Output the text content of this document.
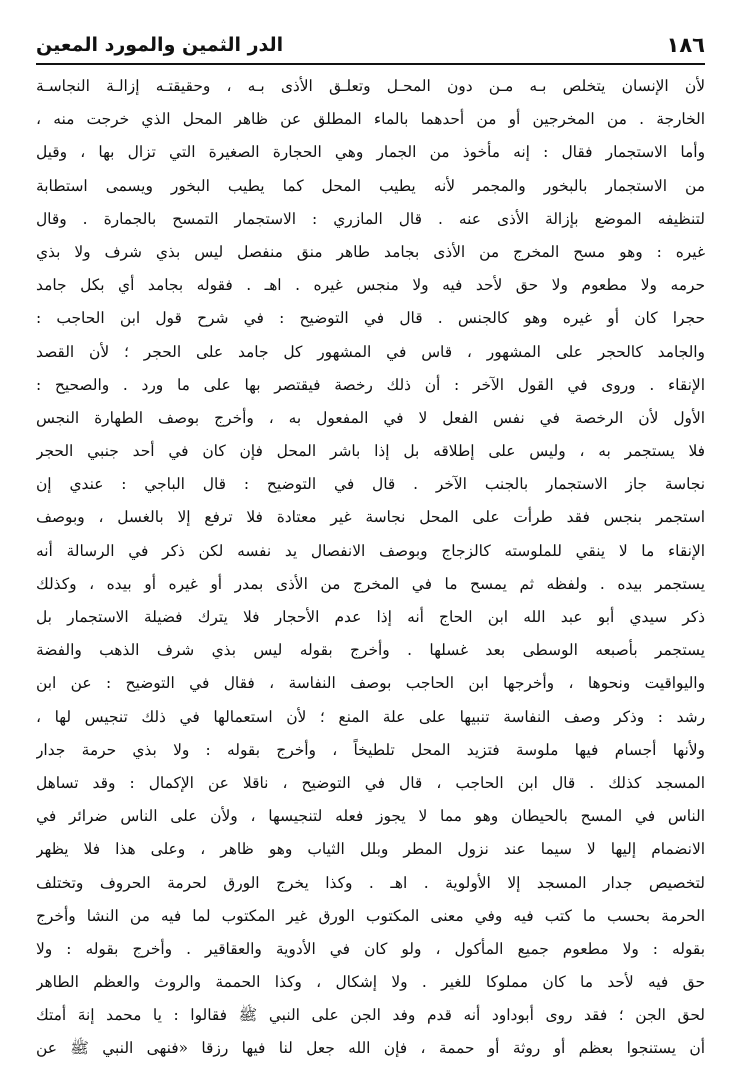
١٨٦
الدر الثمين والمورد المعين
لأن الإنسان يتخلص بـه مـن دون المحـل وتعلـق الأذى بـه ، وحقيقتـه إزالـة النجاسـة
الخارجة . من المخرجين أو من أحدهما بالماء المطلق عن ظاهر المحل الذي خرجت منه ،
وأما الاستجمار فقال : إنه مأخوذ من الجمار وهي الحجارة الصغيرة التي تزال بها ، وقيل
من الاستجمار بالبخور والمجمر لأنه يطيب المحل كما يطيب البخور ويسمى استطابة
لتنظيفه الموضع بإزالة الأذى عنه . قال المازري : الاستجمار التمسح بالجمارة . وقال
غيره : وهو مسح المخرج من الأذى بجامد طاهر منق منفصل ليس بذي شرف ولا بذي
حرمه ولا مطعوم ولا حق لأحد فيه ولا منجس غيره . اهـ . فقوله بجامد أي بكل جامد
حجرا كان أو غيره وهو كالجنس . قال في التوضيح : في شرح قول ابن الحاجب :
والجامد كالحجر على المشهور ، قاس في المشهور كل جامد على الحجر ؛ لأن القصد
الإنقاء . وروى في القول الآخر : أن ذلك رخصة فيقتصر بها على ما ورد . والصحيح :
الأول لأن الرخصة في نفس الفعل لا في المفعول به ، وأخرج بوصف الطهارة النجس
فلا يستجمر به ، وليس على إطلاقه بل إذا باشر المحل فإن كان في أحد جنبي الحجر
نجاسة جاز الاستجمار بالجنب الآخر . قال في التوضيح : قال الباجي : عندي إن
استجمر بنجس فقد طرأت على المحل نجاسة غير معتادة فلا ترفع إلا بالغسل ، وبوصف
الإنقاء ما لا ينقي للملوسته كالزجاج وبوصف الانفصال يد نفسه لكن ذكر في الرسالة أنه
يستجمر بيده . ولفظه ثم يمسح ما في المخرج من الأذى بمدر أو غيره أو بيده ، وكذلك
ذكر سيدي أبو عبد الله ابن الحاج أنه إذا عدم الأحجار فلا يترك فضيلة الاستجمار بل
يستجمر بأصبعه الوسطى بعد غسلها . وأخرج بقوله ليس بذي شرف الذهب والفضة
واليواقيت ونحوها ، وأخرجها ابن الحاجب بوصف النفاسة ، فقال في التوضيح : عن ابن
رشد : وذكر وصف النفاسة تنبيها على علة المنع ؛ لأن استعمالها في ذلك تنجيس لها ،
ولأنها أجسام فيها ملوسة فتزيد المحل تلطيخاً ، وأخرج بقوله : ولا بذي حرمة جدار
المسجد كذلك . قال ابن الحاجب ، قال في التوضيح ، ناقلا عن الإكمال : وقد تساهل
الناس في المسح بالحيطان وهو مما لا يجوز فعله لتنجيسها ، ولأن على الناس ضرائر في
الانضمام إليها لا سيما عند نزول المطر وبلل الثياب وهو ظاهر ، وعلى هذا فلا يظهر
لتخصيص جدار المسجد إلا الأولوية . اهـ . وكذا يخرج الورق لحرمة الحروف وتختلف
الحرمة بحسب ما كتب فيه وفي معنى المكتوب الورق غير المكتوب لما فيه من النشا وأخرج
بقوله : ولا مطعوم جميع المأكول ، ولو كان في الأدوية والعقاقير . وأخرج بقوله : ولا
حق فيه لأحد ما كان مملوكا للغير . ولا إشكال ، وكذا الحممة والروث والعظم الطاهر
لحق الجن ؛ فقد روى أبوداود أنه قدم وفد الجن على النبي ﷺ فقالوا : يا محمد إنهَ أمتك
أن يستنجوا بعظم أو روثة أو حممة ، فإن الله جعل لنا فيها رزقا «فنهى النبي ﷺ عن
